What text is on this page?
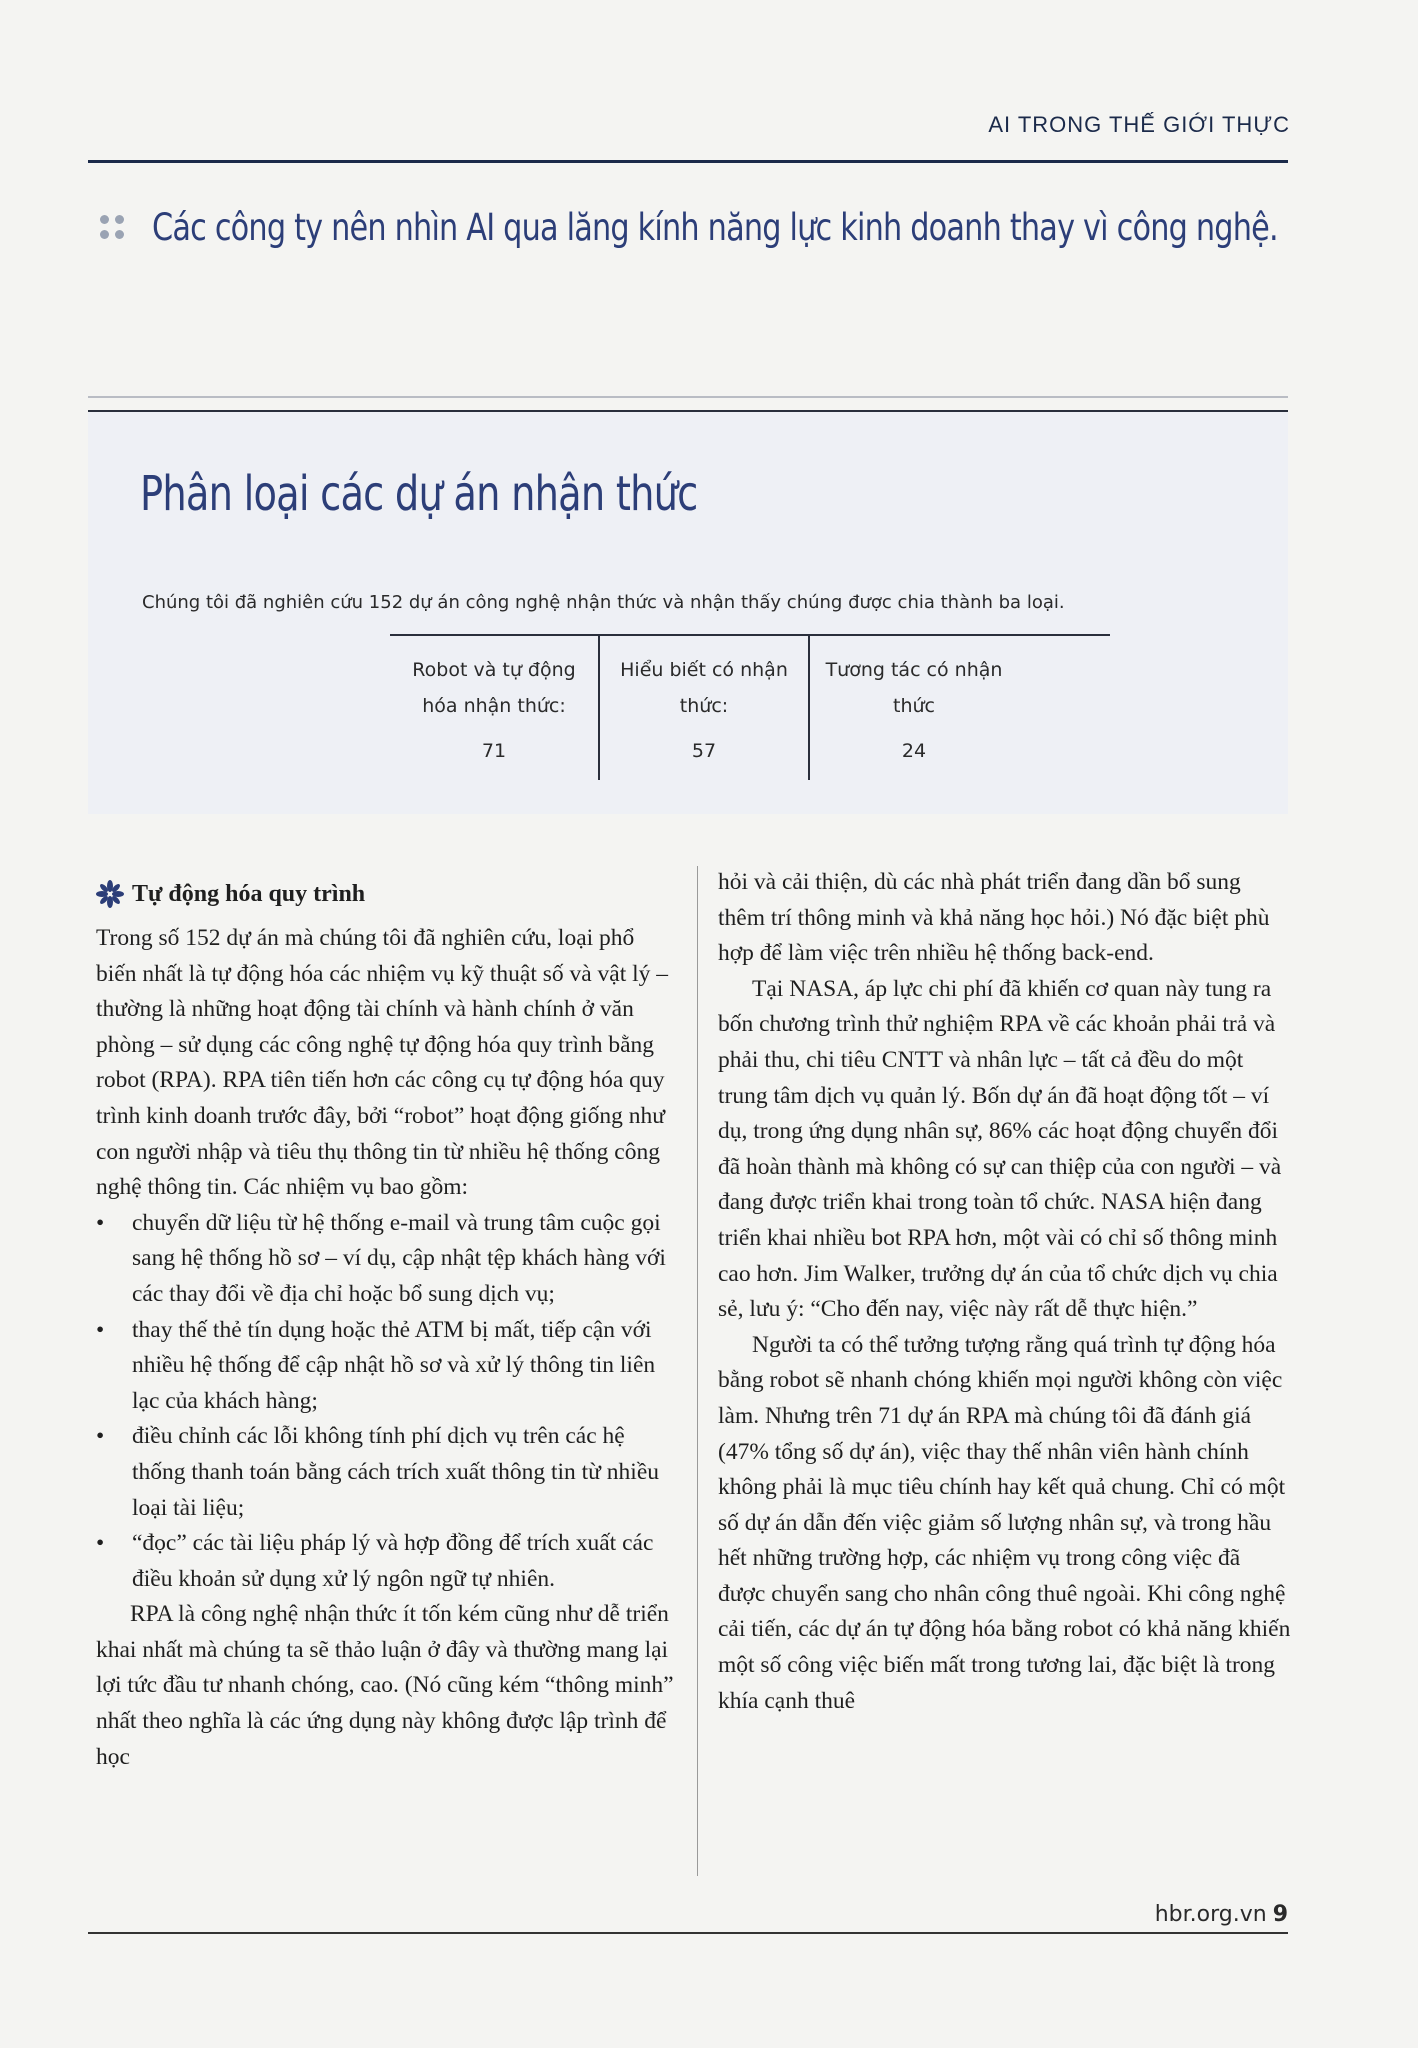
AI TRONG THẾ GIỚI THỰC
Các công ty nên nhìn AI qua lăng kính năng lực kinh doanh thay vì công nghệ.
Phân loại các dự án nhận thức
Chúng tôi đã nghiên cứu 152 dự án công nghệ nhận thức và nhận thấy chúng được chia thành ba loại.
Robot và tự động hóa nhận thức:
71
Hiểu biết có nhận thức:
57
Tương tác có nhận thức
24
Tự động hóa quy trình

Trong số 152 dự án mà chúng tôi đã nghiên cứu, loại phổ biến nhất là tự động hóa các nhiệm vụ kỹ thuật số và vật lý – thường là những hoạt động tài chính và hành chính ở văn phòng – sử dụng các công nghệ tự động hóa quy trình bằng robot (RPA). RPA tiên tiến hơn các công cụ tự động hóa quy trình kinh doanh trước đây, bởi “robot” hoạt động giống như con người nhập và tiêu thụ thông tin từ nhiều hệ thống công nghệ thông tin. Các nhiệm vụ bao gồm:

•	chuyển dữ liệu từ hệ thống e-mail và trung tâm cuộc gọi sang hệ thống hồ sơ – ví dụ, cập nhật tệp khách hàng với các thay đổi về địa chỉ hoặc bổ sung dịch vụ;
•	thay thế thẻ tín dụng hoặc thẻ ATM bị mất, tiếp cận với nhiều hệ thống để cập nhật hồ sơ và xử lý thông tin liên lạc của khách hàng;
•	điều chỉnh các lỗi không tính phí dịch vụ trên các hệ thống thanh toán bằng cách trích xuất thông tin từ nhiều loại tài liệu;
•	“đọc” các tài liệu pháp lý và hợp đồng để trích xuất các điều khoản sử dụng xử lý ngôn ngữ tự nhiên.

RPA là công nghệ nhận thức ít tốn kém cũng như dễ triển khai nhất mà chúng ta sẽ thảo luận ở đây và thường mang lại lợi tức đầu tư nhanh chóng, cao. (Nó cũng kém “thông minh” nhất theo nghĩa là các ứng dụng này không được lập trình để học

hỏi và cải thiện, dù các nhà phát triển đang dần bổ sung thêm trí thông minh và khả năng học hỏi.) Nó đặc biệt phù hợp để làm việc trên nhiều hệ thống back-end.

Tại NASA, áp lực chi phí đã khiến cơ quan này tung ra bốn chương trình thử nghiệm RPA về các khoản phải trả và phải thu, chi tiêu CNTT và nhân lực – tất cả đều do một trung tâm dịch vụ quản lý. Bốn dự án đã hoạt động tốt – ví dụ, trong ứng dụng nhân sự, 86% các hoạt động chuyển đổi đã hoàn thành mà không có sự can thiệp của con người – và đang được triển khai trong toàn tổ chức. NASA hiện đang triển khai nhiều bot RPA hơn, một vài có chỉ số thông minh cao hơn. Jim Walker, trưởng dự án của tổ chức dịch vụ chia sẻ, lưu ý: “Cho đến nay, việc này rất dễ thực hiện.”

Người ta có thể tưởng tượng rằng quá trình tự động hóa bằng robot sẽ nhanh chóng khiến mọi người không còn việc làm. Nhưng trên 71 dự án RPA mà chúng tôi đã đánh giá (47% tổng số dự án), việc thay thế nhân viên hành chính không phải là mục tiêu chính hay kết quả chung. Chỉ có một số dự án dẫn đến việc giảm số lượng nhân sự, và trong hầu hết những trường hợp, các nhiệm vụ trong công việc đã được chuyển sang cho nhân công thuê ngoài. Khi công nghệ cải tiến, các dự án tự động hóa bằng robot có khả năng khiến một số công việc biến mất trong tương lai, đặc biệt là trong khía cạnh thuê

hbr.org.vn 9
